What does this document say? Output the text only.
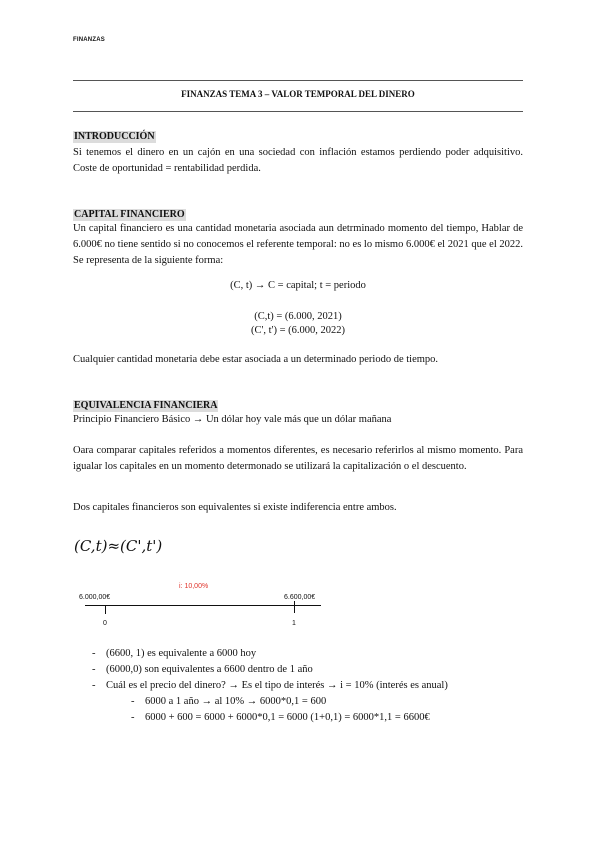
FINANZAS
FINANZAS TEMA 3 – VALOR TEMPORAL DEL DINERO
INTRODUCCIÓN

Si tenemos el dinero en un cajón en una sociedad con inflación estamos perdiendo poder adquisitivo. Coste de oportunidad = rentabilidad perdida.

CAPITAL FINANCIERO

Un capital financiero es una cantidad monetaria asociada aun detrminado momento del tiempo, Hablar de 6.000€ no tiene sentido si no conocemos el referente temporal: no es lo mismo 6.000€ el 2021 que el 2022. Se representa de la siguiente forma:

(C, t) → C = capital; t = periodo
(C,t) = (6.000, 2021)
(C', t') = (6.000, 2022)

Cualquier cantidad monetaria debe estar asociada a un determinado periodo de tiempo.

EQUIVALENCIA FINANCIERA

Principio Financiero Básico → Un dólar hoy vale más que un dólar mañana

Oara comparar capitales referidos a momentos diferentes, es necesario referirlos al mismo momento. Para igualar los capitales en un momento determonado se utilizará la capitalización o el descuento.

Dos capitales financieros son equivalentes si existe indiferencia entre ambos.

(C,t)≈(C',t')
i: 10,00%
6.000,00€	6.600,00€
0	1
- (6600, 1) es equivalente a 6000 hoy
- (6000,0) son equivalentes a 6600 dentro de 1 año
- Cuál es el precio del dinero? → Es el tipo de interés → i = 10% (interés es anual)
- 6000 a 1 año → al 10% → 6000*0,1 = 600
- 6000 + 600 = 6000 + 6000*0,1 = 6000 (1+0,1) = 6000*1,1 = 6600€
